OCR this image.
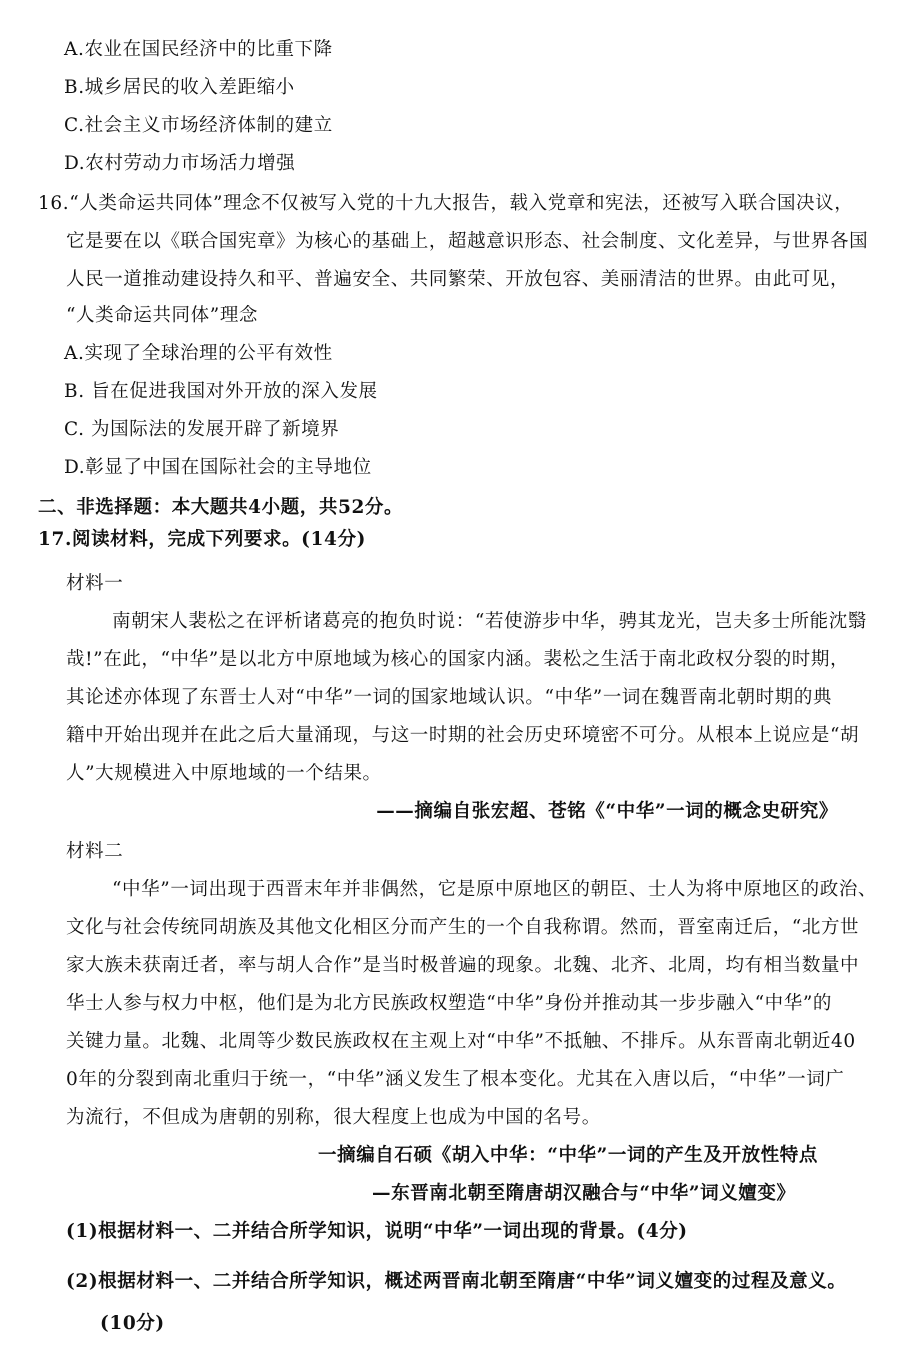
A.农业在国民经济中的比重下降
B.城乡居民的收入差距缩小
C.社会主义市场经济体制的建立
D.农村劳动力市场活力增强
16.“人类命运共同体”理念不仅被写入党的十九大报告，载入党章和宪法，还被写入联合国决议，
它是要在以《联合国宪章》为核心的基础上，超越意识形态、社会制度、文化差异，与世界各国
人民一道推动建设持久和平、普遍安全、共同繁荣、开放包容、美丽清洁的世界。由此可见，
“人类命运共同体”理念
A.实现了全球治理的公平有效性
B. 旨在促进我国对外开放的深入发展
C. 为国际法的发展开辟了新境界
D.彰显了中国在国际社会的主导地位
二、非选择题：本大题共4小题，共52分。
17.阅读材料，完成下列要求。(14分)
材料一
南朝宋人裴松之在评析诸葛亮的抱负时说：“若使游步中华，骋其龙光，岂夫多士所能沈翳
哉!”在此，“中华”是以北方中原地域为核心的国家内涵。裴松之生活于南北政权分裂的时期，
其论述亦体现了东晋士人对“中华”一词的国家地域认识。“中华”一词在魏晋南北朝时期的典
籍中开始出现并在此之后大量涌现，与这一时期的社会历史环境密不可分。从根本上说应是“胡
人”大规模进入中原地域的一个结果。
——摘编自张宏超、苍铭《“中华”一词的概念史研究》
材料二
“中华”一词出现于西晋末年并非偶然，它是原中原地区的朝臣、士人为将中原地区的政治、
文化与社会传统同胡族及其他文化相区分而产生的一个自我称谓。然而，晋室南迁后，“北方世
家大族未获南迁者，率与胡人合作”是当时极普遍的现象。北魏、北齐、北周，均有相当数量中
华士人参与权力中枢，他们是为北方民族政权塑造“中华”身份并推动其一步步融入“中华”的
关键力量。北魏、北周等少数民族政权在主观上对“中华”不抵触、不排斥。从东晋南北朝近40
0年的分裂到南北重归于统一，“中华”涵义发生了根本变化。尤其在入唐以后，“中华”一词广
为流行，不但成为唐朝的别称，很大程度上也成为中国的名号。
一摘编自石硕《胡入中华：“中华”一词的产生及开放性特点
—东晋南北朝至隋唐胡汉融合与“中华”词义嬗变》
(1)根据材料一、二并结合所学知识，说明“中华”一词出现的背景。(4分)
(2)根据材料一、二并结合所学知识，概述两晋南北朝至隋唐“中华”词义嬗变的过程及意义。
(10分)
